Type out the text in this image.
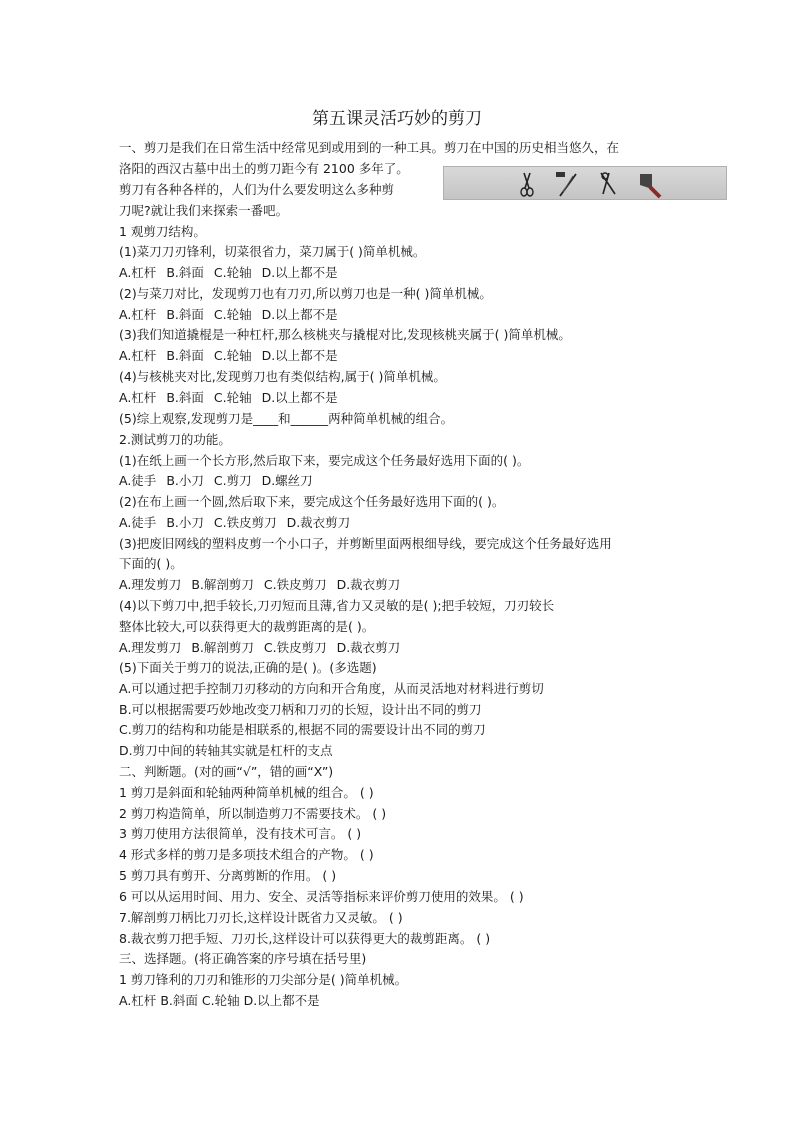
第五课灵活巧妙的剪刀
一、剪刀是我们在日常生活中经常见到或用到的一种工具。剪刀在中国的历史相当悠久，在
洛阳的西汉古墓中出土的剪刀距今有 2100 多年了。
剪刀有各种各样的，人们为什么要发明这么多种剪
刀呢?就让我们来探索一番吧。
1 观剪刀结构。
(1)菜刀刀刃锋利，切菜很省力，菜刀属于( )简单机械。
A.杠杆 B.斜面 C.轮轴 D.以上都不是
(2)与菜刀对比，发现剪刀也有刀刃,所以剪刀也是一种( )简单机械。
A.杠杆 B.斜面 C.轮轴 D.以上都不是
(3)我们知道撬棍是一种杠杆,那么核桃夹与撬棍对比,发现核桃夹属于( )简单机械。
A.杠杆 B.斜面 C.轮轴 D.以上都不是
(4)与核桃夹对比,发现剪刀也有类似结构,属于( )简单机械。
A.杠杆 B.斜面 C.轮轴 D.以上都不是
(5)综上观察,发现剪刀是____和______两种简单机械的组合。
2.测试剪刀的功能。
(1)在纸上画一个长方形,然后取下来，要完成这个任务最好选用下面的( )。
A.徒手 B.小刀 C.剪刀 D.螺丝刀
(2)在布上画一个圆,然后取下来，要完成这个任务最好选用下面的( )。
A.徒手 B.小刀 C.铁皮剪刀 D.裁衣剪刀
(3)把废旧网线的塑料皮剪一个小口子，并剪断里面两根细导线，要完成这个任务最好选用
下面的( )。
A.理发剪刀 B.解剖剪刀 C.铁皮剪刀 D.裁衣剪刀
(4)以下剪刀中,把手较长,刀刃短而且薄,省力又灵敏的是( );把手较短，刀刃较长
整体比较大,可以获得更大的裁剪距离的是( )。
A.理发剪刀 B.解剖剪刀 C.铁皮剪刀 D.裁衣剪刀
(5)下面关于剪刀的说法,正确的是( )。(多选题)
A.可以通过把手控制刀刃移动的方向和开合角度，从而灵活地对材料进行剪切
B.可以根据需要巧妙地改变刀柄和刀刃的长短，设计出不同的剪刀
C.剪刀的结构和功能是相联系的,根据不同的需要设计出不同的剪刀
D.剪刀中间的转轴其实就是杠杆的支点
二、判断题。(对的画“√”，错的画“X”)
1 剪刀是斜面和轮轴两种简单机械的组合。 ( )
2 剪刀构造简单，所以制造剪刀不需要技术。 ( )
3 剪刀使用方法很简单，没有技术可言。 ( )
4 形式多样的剪刀是多项技术组合的产物。 ( )
5 剪刀具有剪开、分离剪断的作用。 ( )
6 可以从运用时间、用力、安全、灵活等指标来评价剪刀使用的效果。 ( )
7.解剖剪刀柄比刀刃长,这样设计既省力又灵敏。 ( )
8.裁衣剪刀把手短、刀刃长,这样设计可以获得更大的裁剪距离。 ( )
三、选择题。(将正确答案的序号填在括号里)
1 剪刀锋利的刀刃和锥形的刀尖部分是( )简单机械。
A.杠杆 B.斜面 C.轮轴 D.以上都不是
